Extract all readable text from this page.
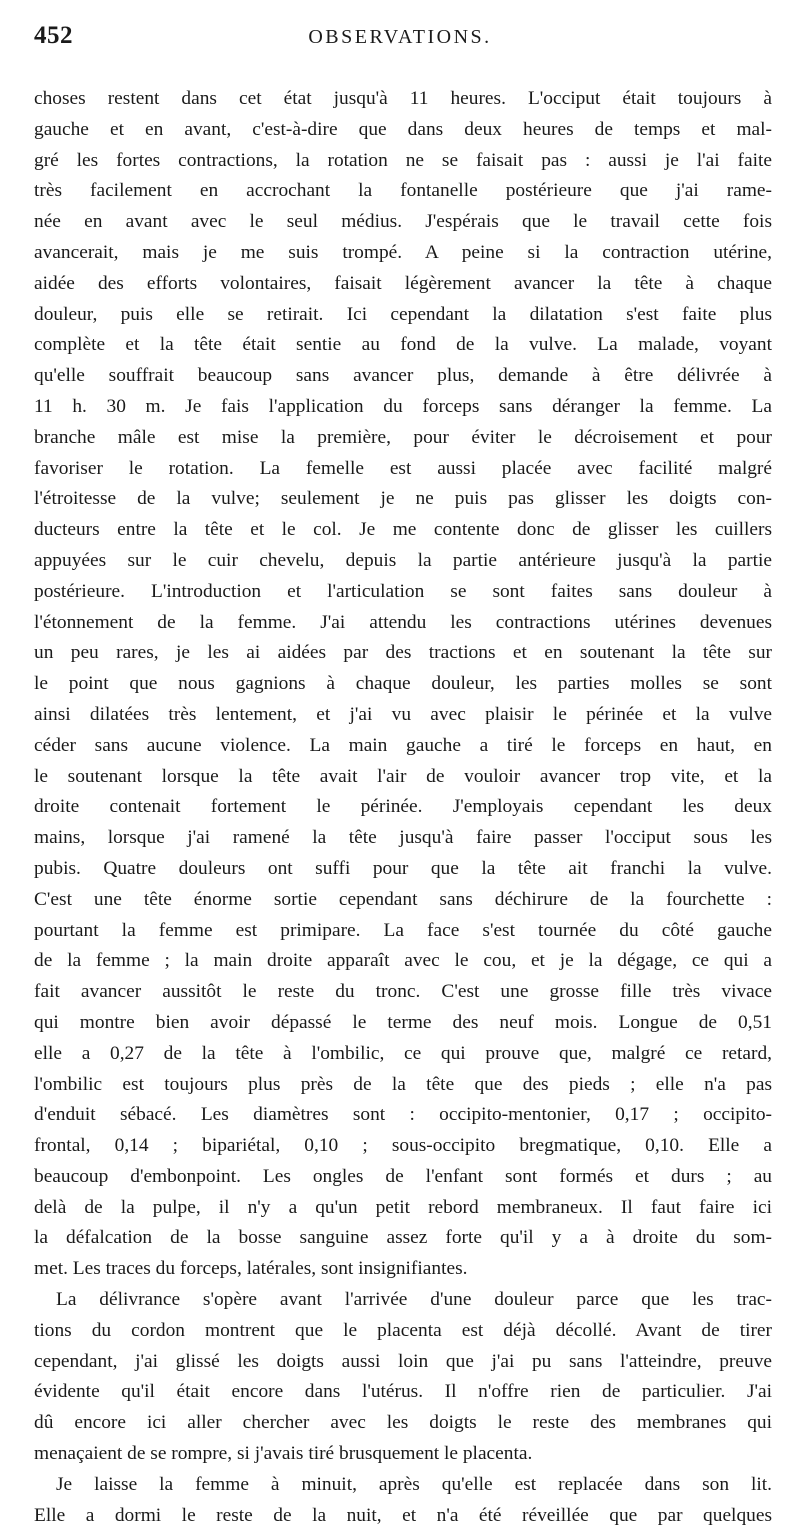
452	OBSERVATIONS.
choses restent dans cet état jusqu'à 11 heures. L'occiput était toujours à
gauche et en avant, c'est-à-dire que dans deux heures de temps et mal-
gré les fortes contractions, la rotation ne se faisait pas : aussi je l'ai faite
très facilement en accrochant la fontanelle postérieure que j'ai rame-
née en avant avec le seul médius. J'espérais que le travail cette fois
avancerait, mais je me suis trompé. A peine si la contraction utérine,
aidée des efforts volontaires, faisait légèrement avancer la tête à chaque
douleur, puis elle se retirait. Ici cependant la dilatation s'est faite plus
complète et la tête était sentie au fond de la vulve. La malade, voyant
qu'elle souffrait beaucoup sans avancer plus, demande à être délivrée à
11 h. 30 m. Je fais l'application du forceps sans déranger la femme. La
branche mâle est mise la première, pour éviter le décroisement et pour
favoriser le rotation. La femelle est aussi placée avec facilité malgré
l'étroitesse de la vulve; seulement je ne puis pas glisser les doigts con-
ducteurs entre la tête et le col. Je me contente donc de glisser les cuillers
appuyées sur le cuir chevelu, depuis la partie antérieure jusqu'à la partie
postérieure. L'introduction et l'articulation se sont faites sans douleur à
l'étonnement de la femme. J'ai attendu les contractions utérines devenues
un peu rares, je les ai aidées par des tractions et en soutenant la tête sur
le point que nous gagnions à chaque douleur, les parties molles se sont
ainsi dilatées très lentement, et j'ai vu avec plaisir le périnée et la vulve
céder sans aucune violence. La main gauche a tiré le forceps en haut, en
le soutenant lorsque la tête avait l'air de vouloir avancer trop vite, et la
droite contenait fortement le périnée. J'employais cependant les deux
mains, lorsque j'ai ramené la tête jusqu'à faire passer l'occiput sous les
pubis. Quatre douleurs ont suffi pour que la tête ait franchi la vulve.
C'est une tête énorme sortie cependant sans déchirure de la fourchette :
pourtant la femme est primipare. La face s'est tournée du côté gauche
de la femme ; la main droite apparaît avec le cou, et je la dégage, ce qui a
fait avancer aussitôt le reste du tronc. C'est une grosse fille très vivace
qui montre bien avoir dépassé le terme des neuf mois. Longue de 0,51
elle a 0,27 de la tête à l'ombilic, ce qui prouve que, malgré ce retard,
l'ombilic est toujours plus près de la tête que des pieds ; elle n'a pas
d'enduit sébacé. Les diamètres sont : occipito-mentonier, 0,17 ; occipito-
frontal, 0,14 ; bipariétal, 0,10 ; sous-occipito bregmatique, 0,10. Elle a
beaucoup d'embonpoint. Les ongles de l'enfant sont formés et durs ; au
delà de la pulpe, il n'y a qu'un petit rebord membraneux. Il faut faire ici
la défalcation de la bosse sanguine assez forte qu'il y a à droite du som-
met. Les traces du forceps, latérales, sont insignifiantes.
La délivrance s'opère avant l'arrivée d'une douleur parce que les trac-
tions du cordon montrent que le placenta est déjà décollé. Avant de tirer
cependant, j'ai glissé les doigts aussi loin que j'ai pu sans l'atteindre, preuve
évidente qu'il était encore dans l'utérus. Il n'offre rien de particulier. J'ai
dû encore ici aller chercher avec les doigts le reste des membranes qui
menaçaient de se rompre, si j'avais tiré brusquement le placenta.
Je laisse la femme à minuit, après qu'elle est replacée dans son lit.
Elle a dormi le reste de la nuit, et n'a été réveillée que par quelques
